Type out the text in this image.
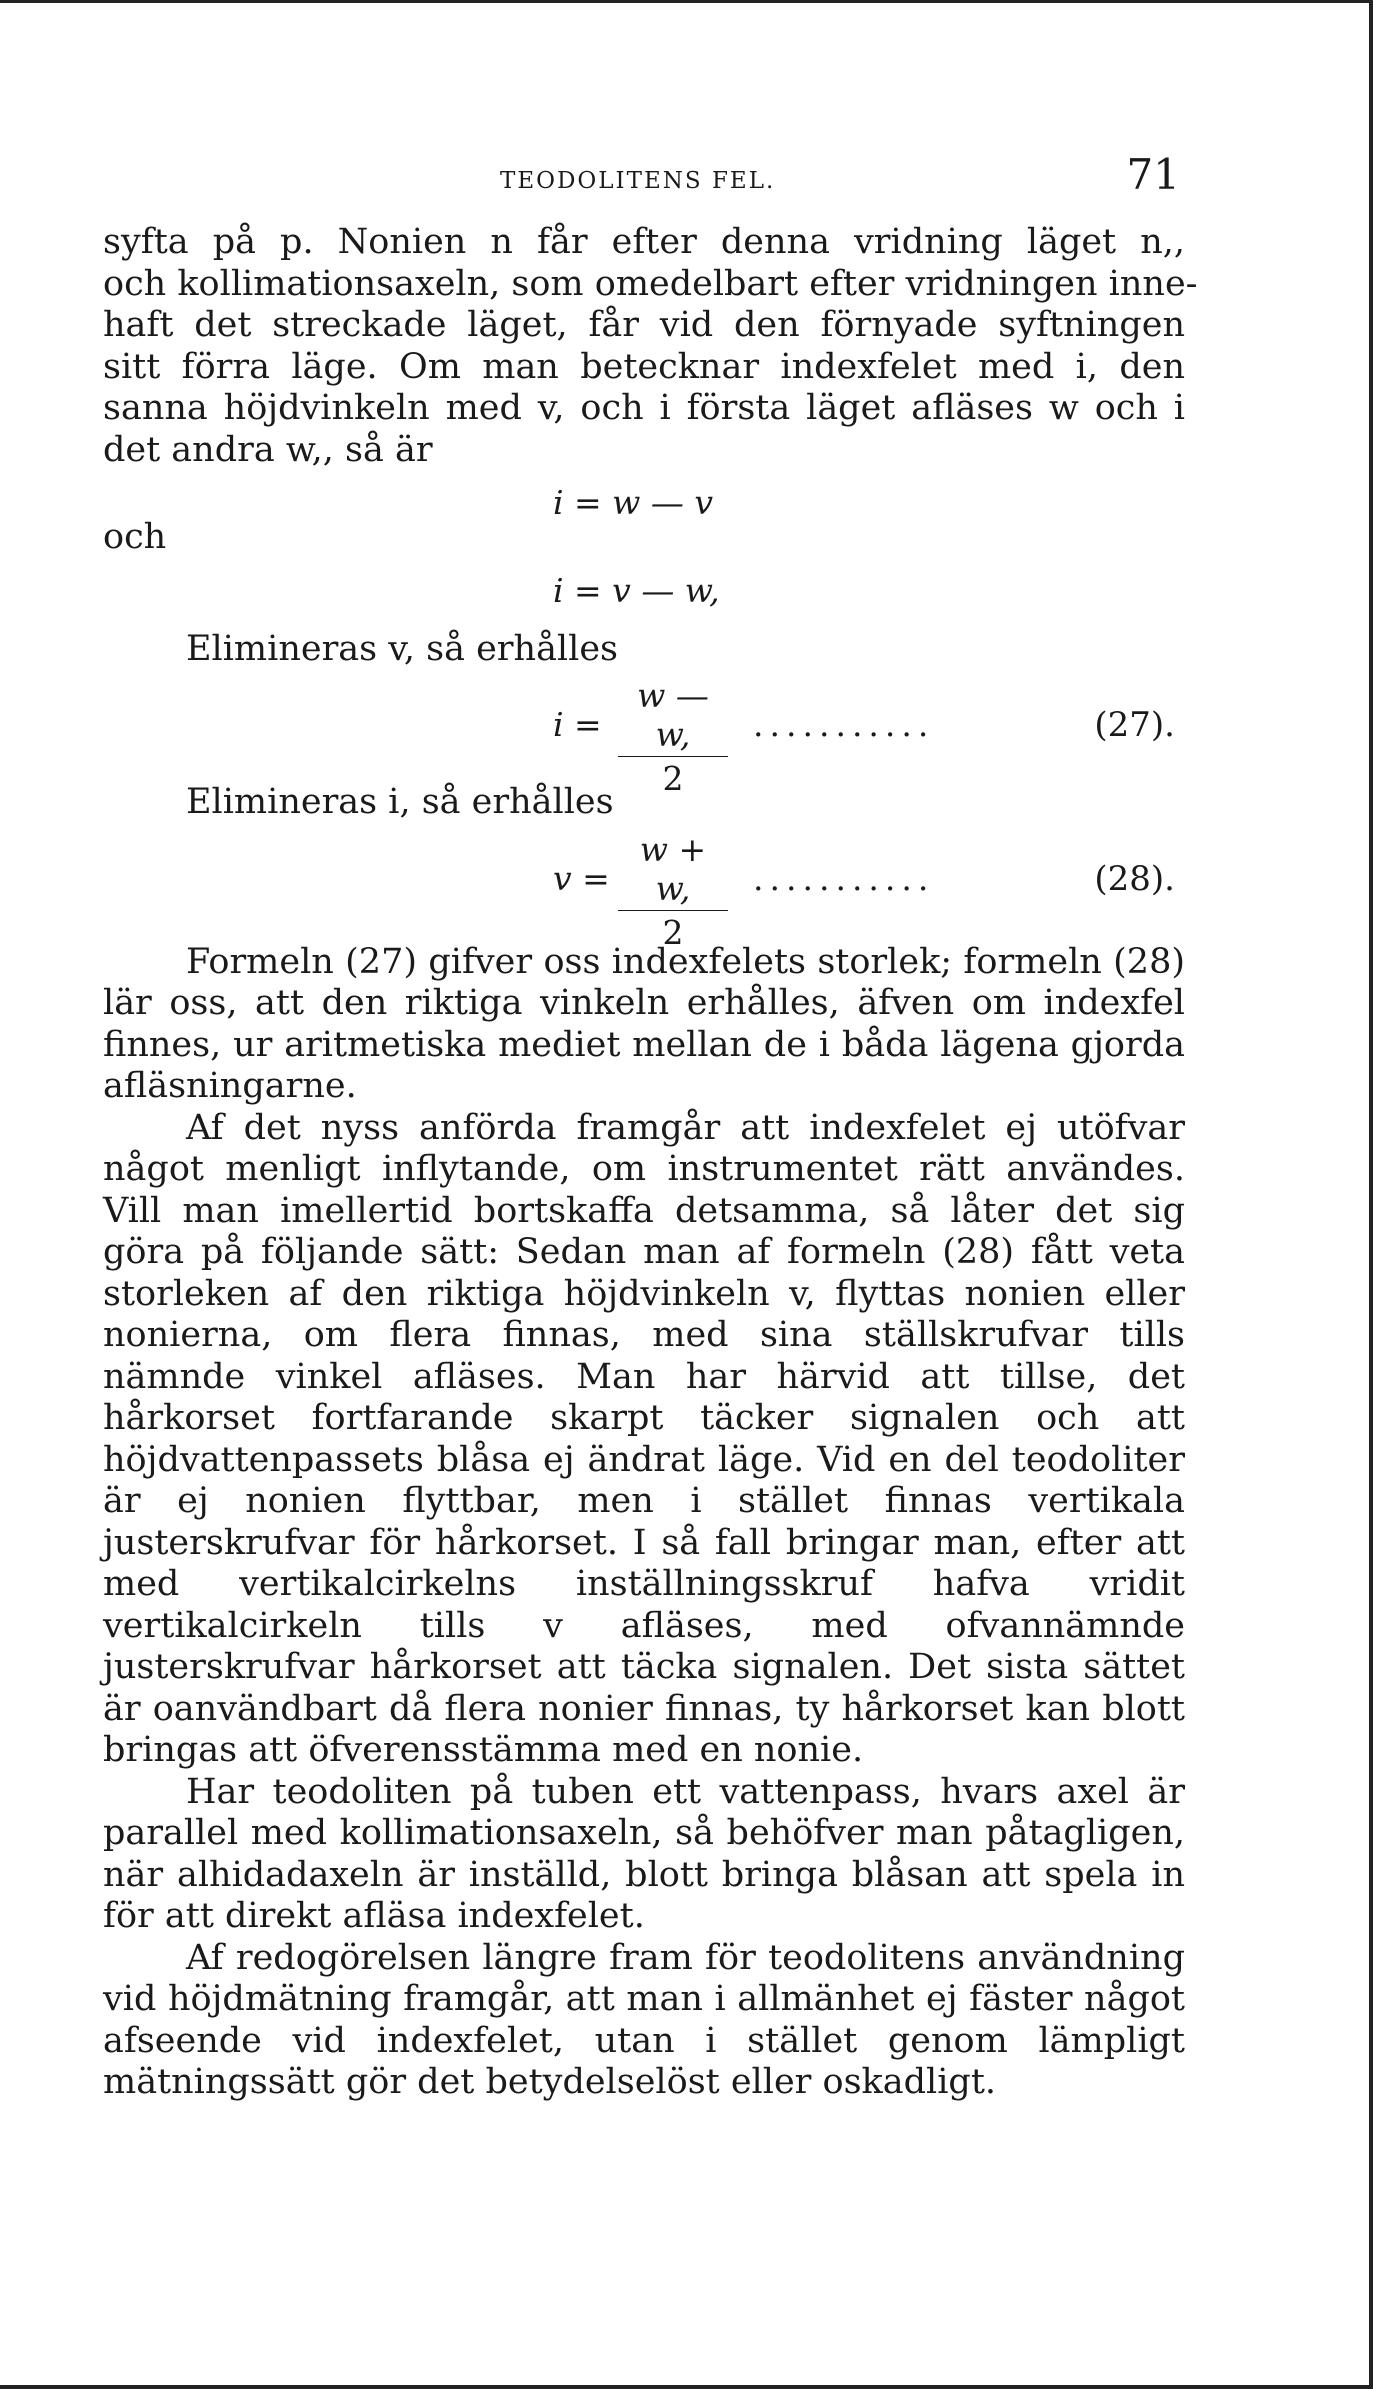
TEODOLITENS FEL.	71
syfta på p. Nonien n får efter denna vridning läget n,,
och kollimationsaxeln, som omedelbart efter vridningen inne-
haft det streckade läget, får vid den förnyade syftningen
sitt förra läge. Om man betecknar indexfelet med i, den
sanna höjdvinkeln med v, och i första läget afläses w och i
det andra w,, så är
i = w — v
och
i = v — w,
Elimineras v, så erhålles
$i = \frac{w — w,}{2}$ ...........	(27).
Elimineras i, så erhålles
$v = \frac{w + w,}{2}$ ...........	(28).

Formeln (27) gifver oss indexfelets storlek; formeln (28) lär oss, att den riktiga vinkeln erhålles, äfven om indexfel finnes, ur aritmetiska mediet mellan de i båda lägena gjorda afläsningarne.

Af det nyss anförda framgår att indexfelet ej utöfvar något menligt inflytande, om instrumentet rätt användes. Vill man imellertid bortskaffa detsamma, så låter det sig göra på följande sätt: Sedan man af formeln (28) fått veta storleken af den riktiga höjdvinkeln v, flyttas nonien eller nonierna, om flera finnas, med sina ställskrufvar tills nämnde vinkel afläses. Man har härvid att tillse, det hårkorset fortfarande skarpt täcker signalen och att höjdvattenpassets blåsa ej ändrat läge. Vid en del teodoliter är ej nonien flyttbar, men i stället finnas vertikala justerskrufvar för hårkorset. I så fall bringar man, efter att med vertikalcirkelns inställningsskruf hafva vridit vertikalcirkeln tills v afläses, med ofvannämnde justerskrufvar hårkorset att täcka signalen. Det sista sättet är oanvändbart då flera nonier finnas, ty hårkorset kan blott bringas att öfverensstämma med en nonie.

Har teodoliten på tuben ett vattenpass, hvars axel är parallel med kollimationsaxeln, så behöfver man påtagligen, när alhidadaxeln är inställd, blott bringa blåsan att spela in för att direkt afläsa indexfelet.

Af redogörelsen längre fram för teodolitens användning vid höjdmätning framgår, att man i allmänhet ej fäster något afseende vid indexfelet, utan i stället genom lämpligt mätningssätt gör det betydelselöst eller oskadligt.
